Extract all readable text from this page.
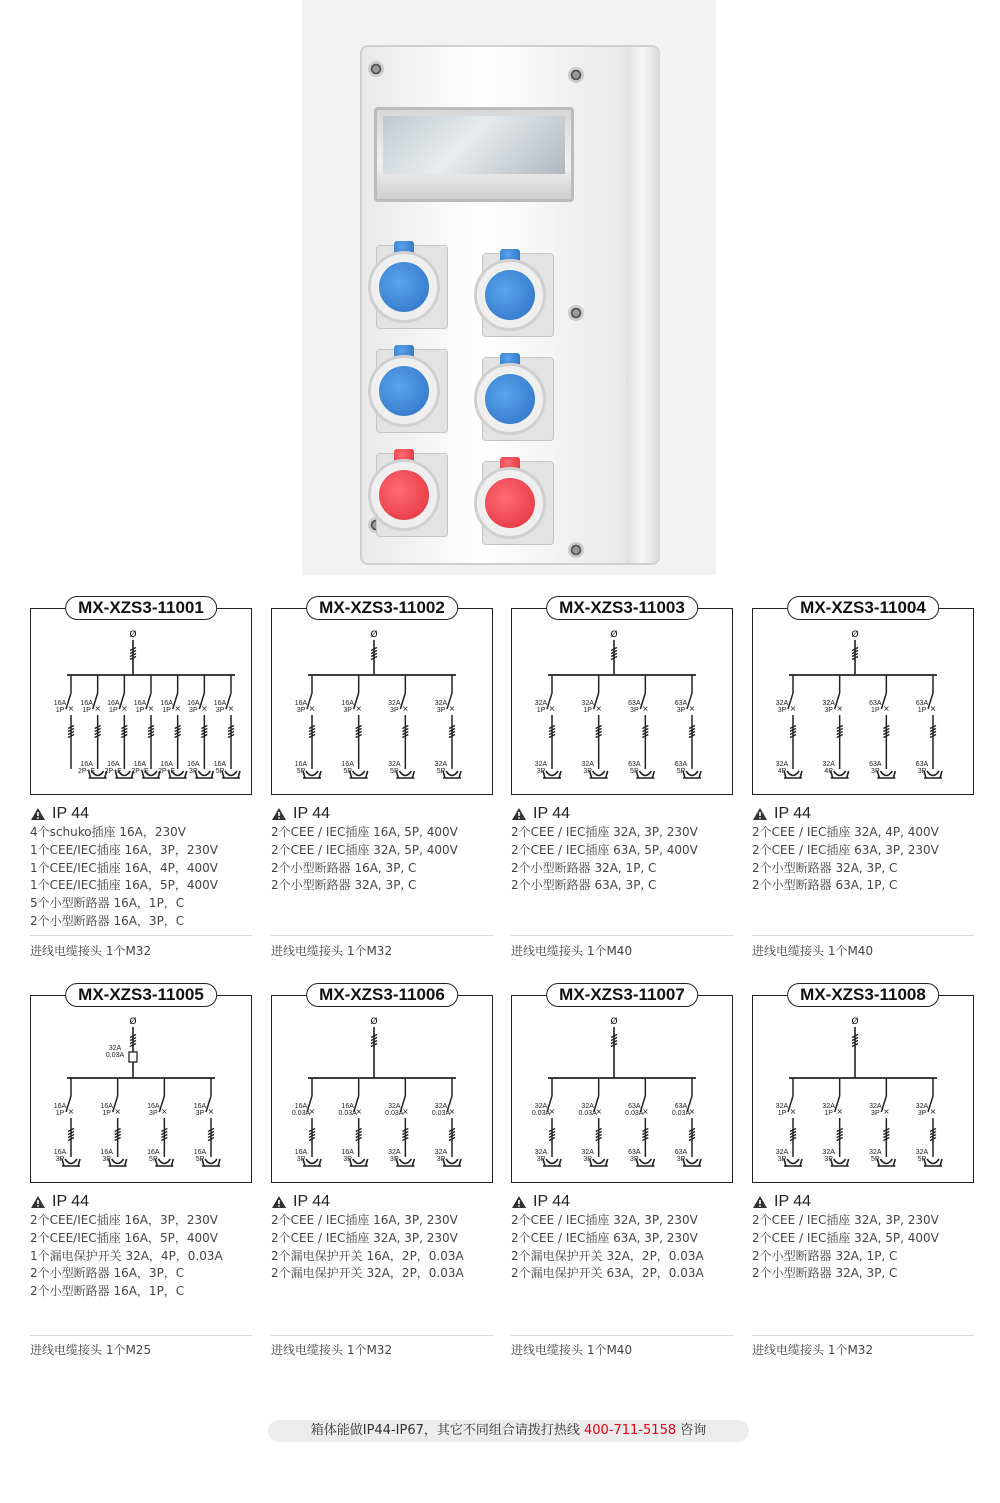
Ø
×
16A 1P	×
16A 1P	×
16A 1P	×
16A 1P	×
16A 1P	×
16A 3P	×
16A 3P
16A 2P+E
16A 2P+E
16A 2P+E
16A 2P+E
16A 3P
16A 5P
MX-XZS3-11001
IP 44
4个schuko插座 16A，230V
1个CEE/IEC插座 16A，3P，230V
1个CEE/IEC插座 16A，4P，400V
1个CEE/IEC插座 16A，5P，400V
5个小型断路器 16A，1P，C
2个小型断路器 16A，3P，C
进线电缆接头 1个M32
Ø
×
16A 3P	×
16A 3P	×
32A 3P	×
32A 3P
16A 5P
16A 5P
32A 5P
32A 5P
MX-XZS3-11002
IP 44
2个CEE / IEC插座 16A, 5P, 400V
2个CEE / IEC插座 32A, 5P, 400V
2个小型断路器 16A, 3P, C
2个小型断路器 32A, 3P, C
进线电缆接头 1个M32
Ø
×
32A 1P	×
32A 1P	×
63A 3P	×
63A 3P
32A 3P
32A 3P
63A 5P
63A 5P
MX-XZS3-11003
IP 44
2个CEE / IEC插座 32A, 3P, 230V
2个CEE / IEC插座 63A, 5P, 400V
2个小型断路器 32A, 1P, C
2个小型断路器 63A, 3P, C
进线电缆接头 1个M40
Ø
×
32A 3P	×
32A 3P	×
63A 1P	×
63A 1P
32A 4P
32A 4P
63A 3P
63A 3P
MX-XZS3-11004
IP 44
2个CEE / IEC插座 32A, 4P, 400V
2个CEE / IEC插座 63A, 3P, 230V
2个小型断路器 32A, 3P, C
2个小型断路器 63A, 1P, C
进线电缆接头 1个M40
Ø
32A 0.03A
×
16A 1P	×
16A 1P	×
16A 3P	×
16A 3P
16A 3P
16A 3P
16A 5P
16A 5P
MX-XZS3-11005
IP 44
2个CEE/IEC插座 16A，3P，230V
2个CEE/IEC插座 16A，5P，400V
1个漏电保护开关 32A，4P，0.03A
2个小型断路器 16A，3P，C
2个小型断路器 16A，1P，C
进线电缆接头 1个M25
Ø
×
16A 0.03A	×
16A 0.03A	×
32A 0.03A	×
32A 0.03A
16A 3P
16A 3P
32A 3P
32A 3P
MX-XZS3-11006
IP 44
2个CEE / IEC插座 16A, 3P, 230V
2个CEE / IEC插座 32A, 3P, 230V
2个漏电保护开关 16A，2P，0.03A
2个漏电保护开关 32A，2P，0.03A
进线电缆接头 1个M32
Ø
×
32A 0.03A	×
32A 0.03A	×
63A 0.03A	×
63A 0.03A
32A 3P
32A 3P
63A 3P
63A 3P
MX-XZS3-11007
IP 44
2个CEE / IEC插座 32A, 3P, 230V
2个CEE / IEC插座 63A, 3P, 230V
2个漏电保护开关 32A，2P，0.03A
2个漏电保护开关 63A，2P，0.03A
进线电缆接头 1个M40
Ø
×
32A 1P	×
32A 1P	×
32A 3P	×
32A 3P
32A 3P
32A 3P
32A 5P
32A 5P
MX-XZS3-11008
IP 44
2个CEE / IEC插座 32A, 3P, 230V
2个CEE / IEC插座 32A, 5P, 400V
2个小型断路器 32A, 1P, C
2个小型断路器 32A, 3P, C
进线电缆接头 1个M32
箱体能做IP44-IP67，其它不同组合请拨打热线 400-711-5158 咨询
